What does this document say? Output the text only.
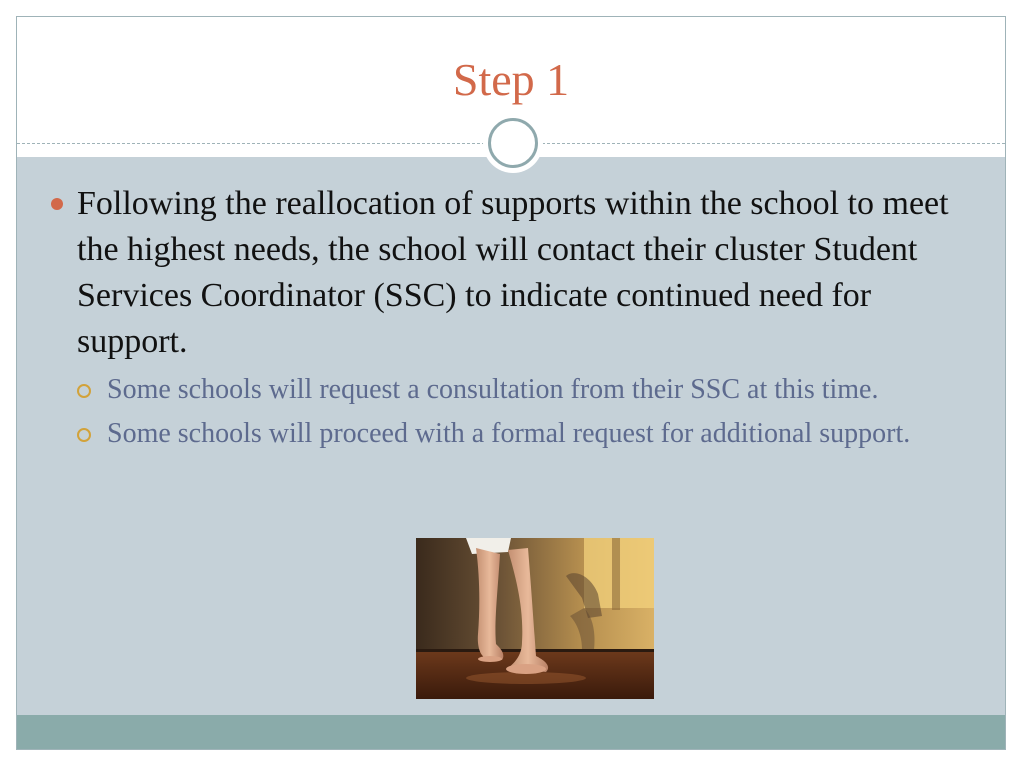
Step 1
Following the reallocation of supports within the school to meet the highest needs, the school will contact their cluster Student Services Coordinator (SSC) to indicate continued need for support.
Some schools will request a consultation from their SSC at this time.
Some schools will proceed with a formal request for additional support.
